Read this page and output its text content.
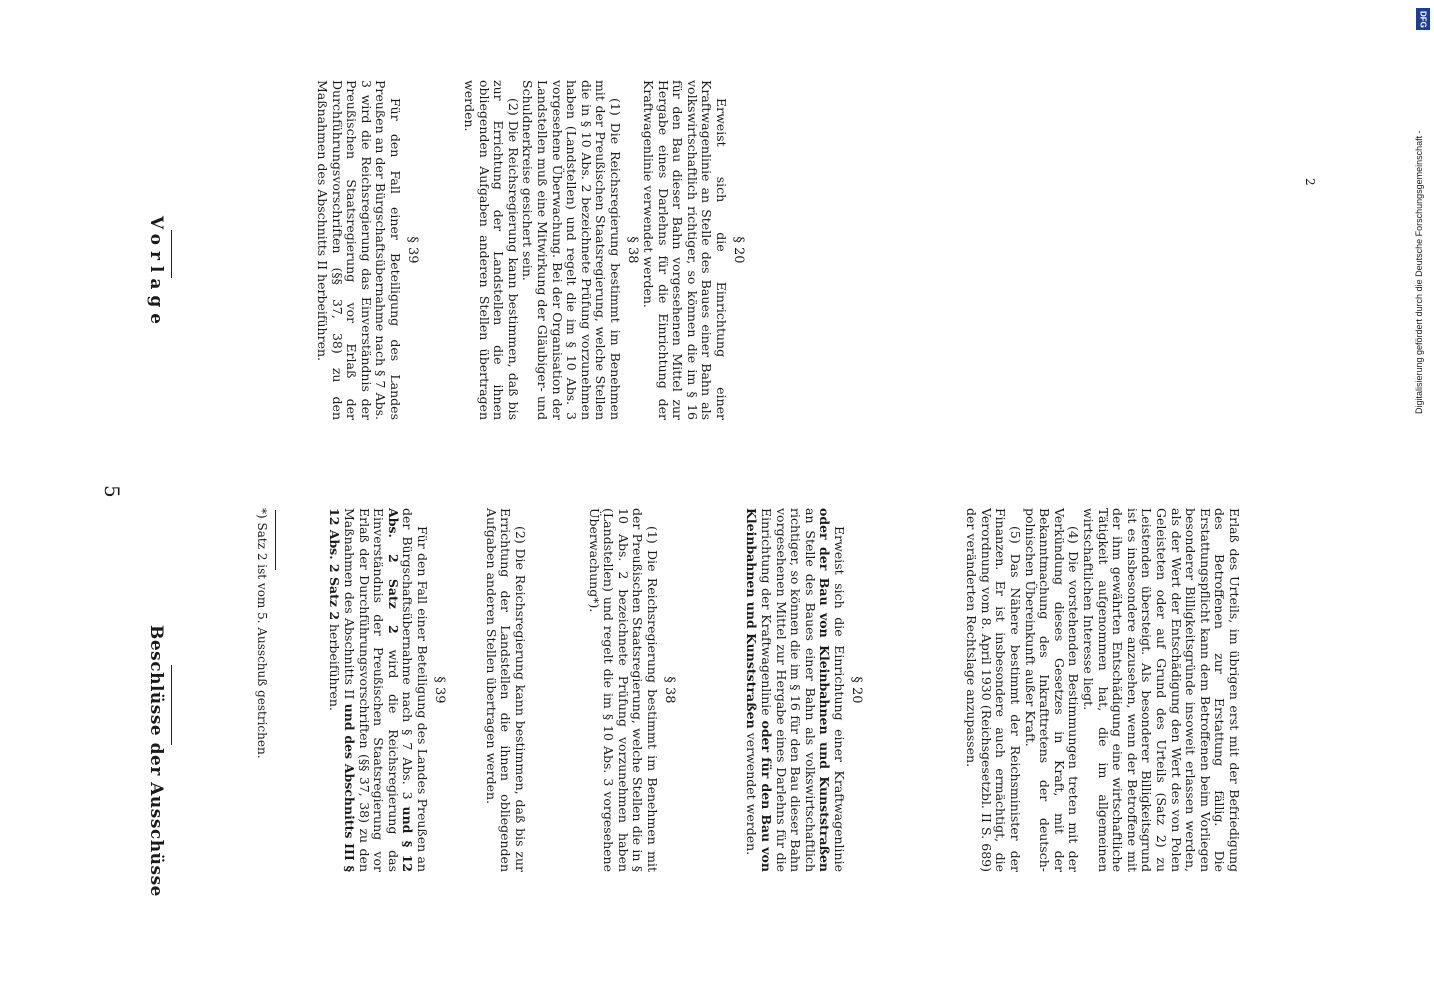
5
Vorlage	§ 20

Erweist sich die Einrichtung einer Kraftwagenlinie an Stelle des Baues einer Bahn als volkswirtschaftlich richtiger, so können die im § 16 für den Bau dieser Bahn vorgesehenen Mittel zur Hergabe eines Darlehns für die Einrichtung der Kraftwagenlinie verwendet werden.

§ 38

(1) Die Reichsregierung bestimmt im Benehmen mit der Preußischen Staatsregierung, welche Stellen die in § 10 Abs. 2 bezeichnete Prüfung vorzunehmen haben (Landstellen) und regelt die im § 10 Abs. 3 vorgesehene Überwachung. Bei der Organisation der Landstellen muß eine Mitwirkung der Gläubiger- und Schuldnerkreise gesichert sein.

(2) Die Reichsregierung kann bestimmen, daß bis zur Errichtung der Landstellen die ihnen obliegenden Aufgaben anderen Stellen übertragen werden.

§ 39

Für den Fall einer Beteiligung des Landes Preußen an der Bürgschaftsübernahme nach § 7 Abs. 3 wird die Reichsregierung das Einverständnis der Preußischen Staatsregierung vor Erlaß der Durchführungsvorschriften (§§ 37, 38) zu den Maßnahmen des Abschnitts II herbeiführen.

Beschlüsse der Ausschüsse	Erlaß des Urteils, im übrigen erst mit der Befriedigung des Betroffenen zur Erstattung fällig. Die Erstattungspflicht kann dem Betroffenen beim Vorliegen besonderer Billigkeitsgründe insoweit erlassen werden, als der Wert der Entschädigung den Wert des von Polen Geleisteten oder auf Grund des Urteils (Satz 2) zu Leistenden übersteigt. Als besonderer Billigkeitsgrund ist es insbesondere anzusehen, wenn der Betroffene mit der ihm gewährten Entschädigung eine wirtschaftliche Tätigkeit aufgenommen hat, die im allgemeinen wirtschaftlichen Interesse liegt.

(4) Die vorstehenden Bestimmungen treten mit der Verkündung dieses Gesetzes in Kraft, mit der Bekanntmachung des Inkrafttretens der deutsch-polnischen Übereinkunft außer Kraft.

(5) Das Nähere bestimmt der Reichsminister der Finanzen. Er ist insbesondere auch ermächtigt, die Verordnung vom 8. April 1930 (Reichsgesetzbl. II S. 689) der veränderten Rechtslage anzupassen.

§ 20

Erweist sich die Einrichtung einer Kraftwagenlinie oder der Bau von Kleinbahnen und Kunststraßen an Stelle des Baues einer Bahn als volkswirtschaftlich richtiger, so können die im § 16 für den Bau dieser Bahn vorgesehenen Mittel zur Hergabe eines Darlehns für die Einrichtung der Kraftwagenlinie oder für den Bau von Kleinbahnen und Kunststraßen verwendet werden.

§ 38

(1) Die Reichsregierung bestimmt im Benehmen mit der Preußischen Staatsregierung, welche Stellen die in § 10 Abs. 2 bezeichnete Prüfung vorzunehmen haben (Landstellen) und regelt die im § 10 Abs. 3 vorgesehene Überwachung*).

(2) Die Reichsregierung kann bestimmen, daß bis zur Errichtung der Landstellen die ihnen obliegenden Aufgaben anderen Stellen übertragen werden.

§ 39

Für den Fall einer Beteiligung des Landes Preußen an der Bürgschaftsübernahme nach § 7 Abs. 3 und § 12 Abs. 2 Satz 2 wird die Reichsregierung das Einverständnis der Preußischen Staatsregierung vor Erlaß der Durchführungsvorschriften (§§ 37, 38) zu den Maßnahmen des Abschnitts II und des Abschnitts III § 12 Abs. 2 Satz 2 herbeiführen.

*) Satz 2 ist vom 5. Ausschuß gestrichen.
2
DFG
Digitalisierung gefördert durch die Deutsche Forschungsgemeinschaft -
